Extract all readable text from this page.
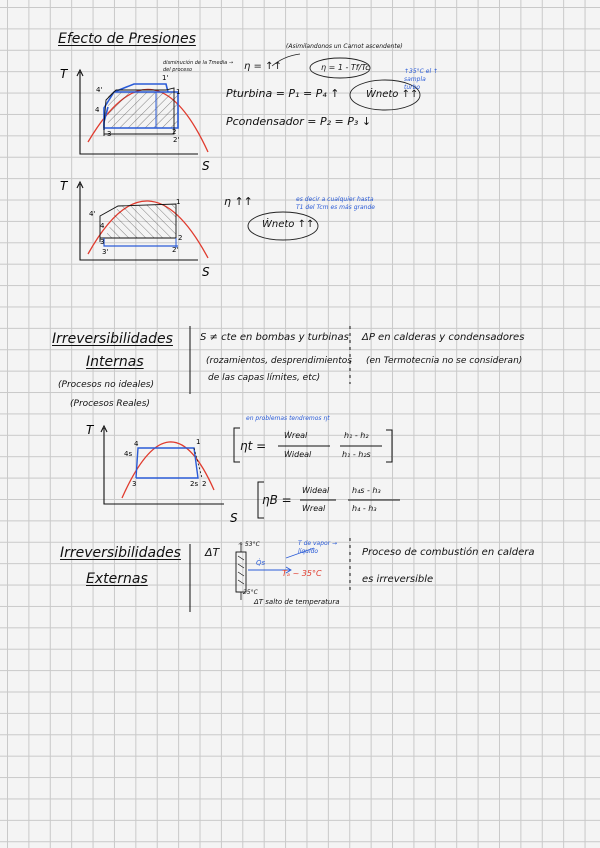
Efecto de Presiones
disminución de la Tmedia → del proceso	η = ↑↑
(Asimilandonos un Carnot ascendente)
η = 1 - Tf/Tc
Pturbina = P₁ = P₄ ↑
Pcondensador = P₂ = P₃ ↓
Ẇneto ↑↑
↑35°C el ↑ sampla turbo
T
S
4'
4
1'
1
3	2
2'
T
S
4'
4
1
3	2
3'	2'
η ↑↑
Ẇneto ↑↑
es decir a cualquier hasta T1 del Tcm es más grande
Irreversibilidades
Internas
(Procesos no ideales)
(Procesos Reales)
S ≠ cte en bombas y turbinas
(rozamientos, desprendimientos
de las capas límites, etc)
ΔP en calderas y condensadores
(en Termotecnia no se consideran)
T
S
4
4s
1
3	2s 2
en problemas tendremos ηt
ηt =
Ẇreal
Ẇideal
h₁ - h₂
h₁ - h₂s
ηB =
Ẇideal
Ẇreal
h₄s - h₃
h₄ - h₃
Irreversibilidades
Externas
ΔT
~ 53°C
~ 25°C
Q̇s
T de vapor → líquido
Tₐ ~ 35°C
ΔT salto de temperatura
Proceso de combustión en caldera
es irreversible
